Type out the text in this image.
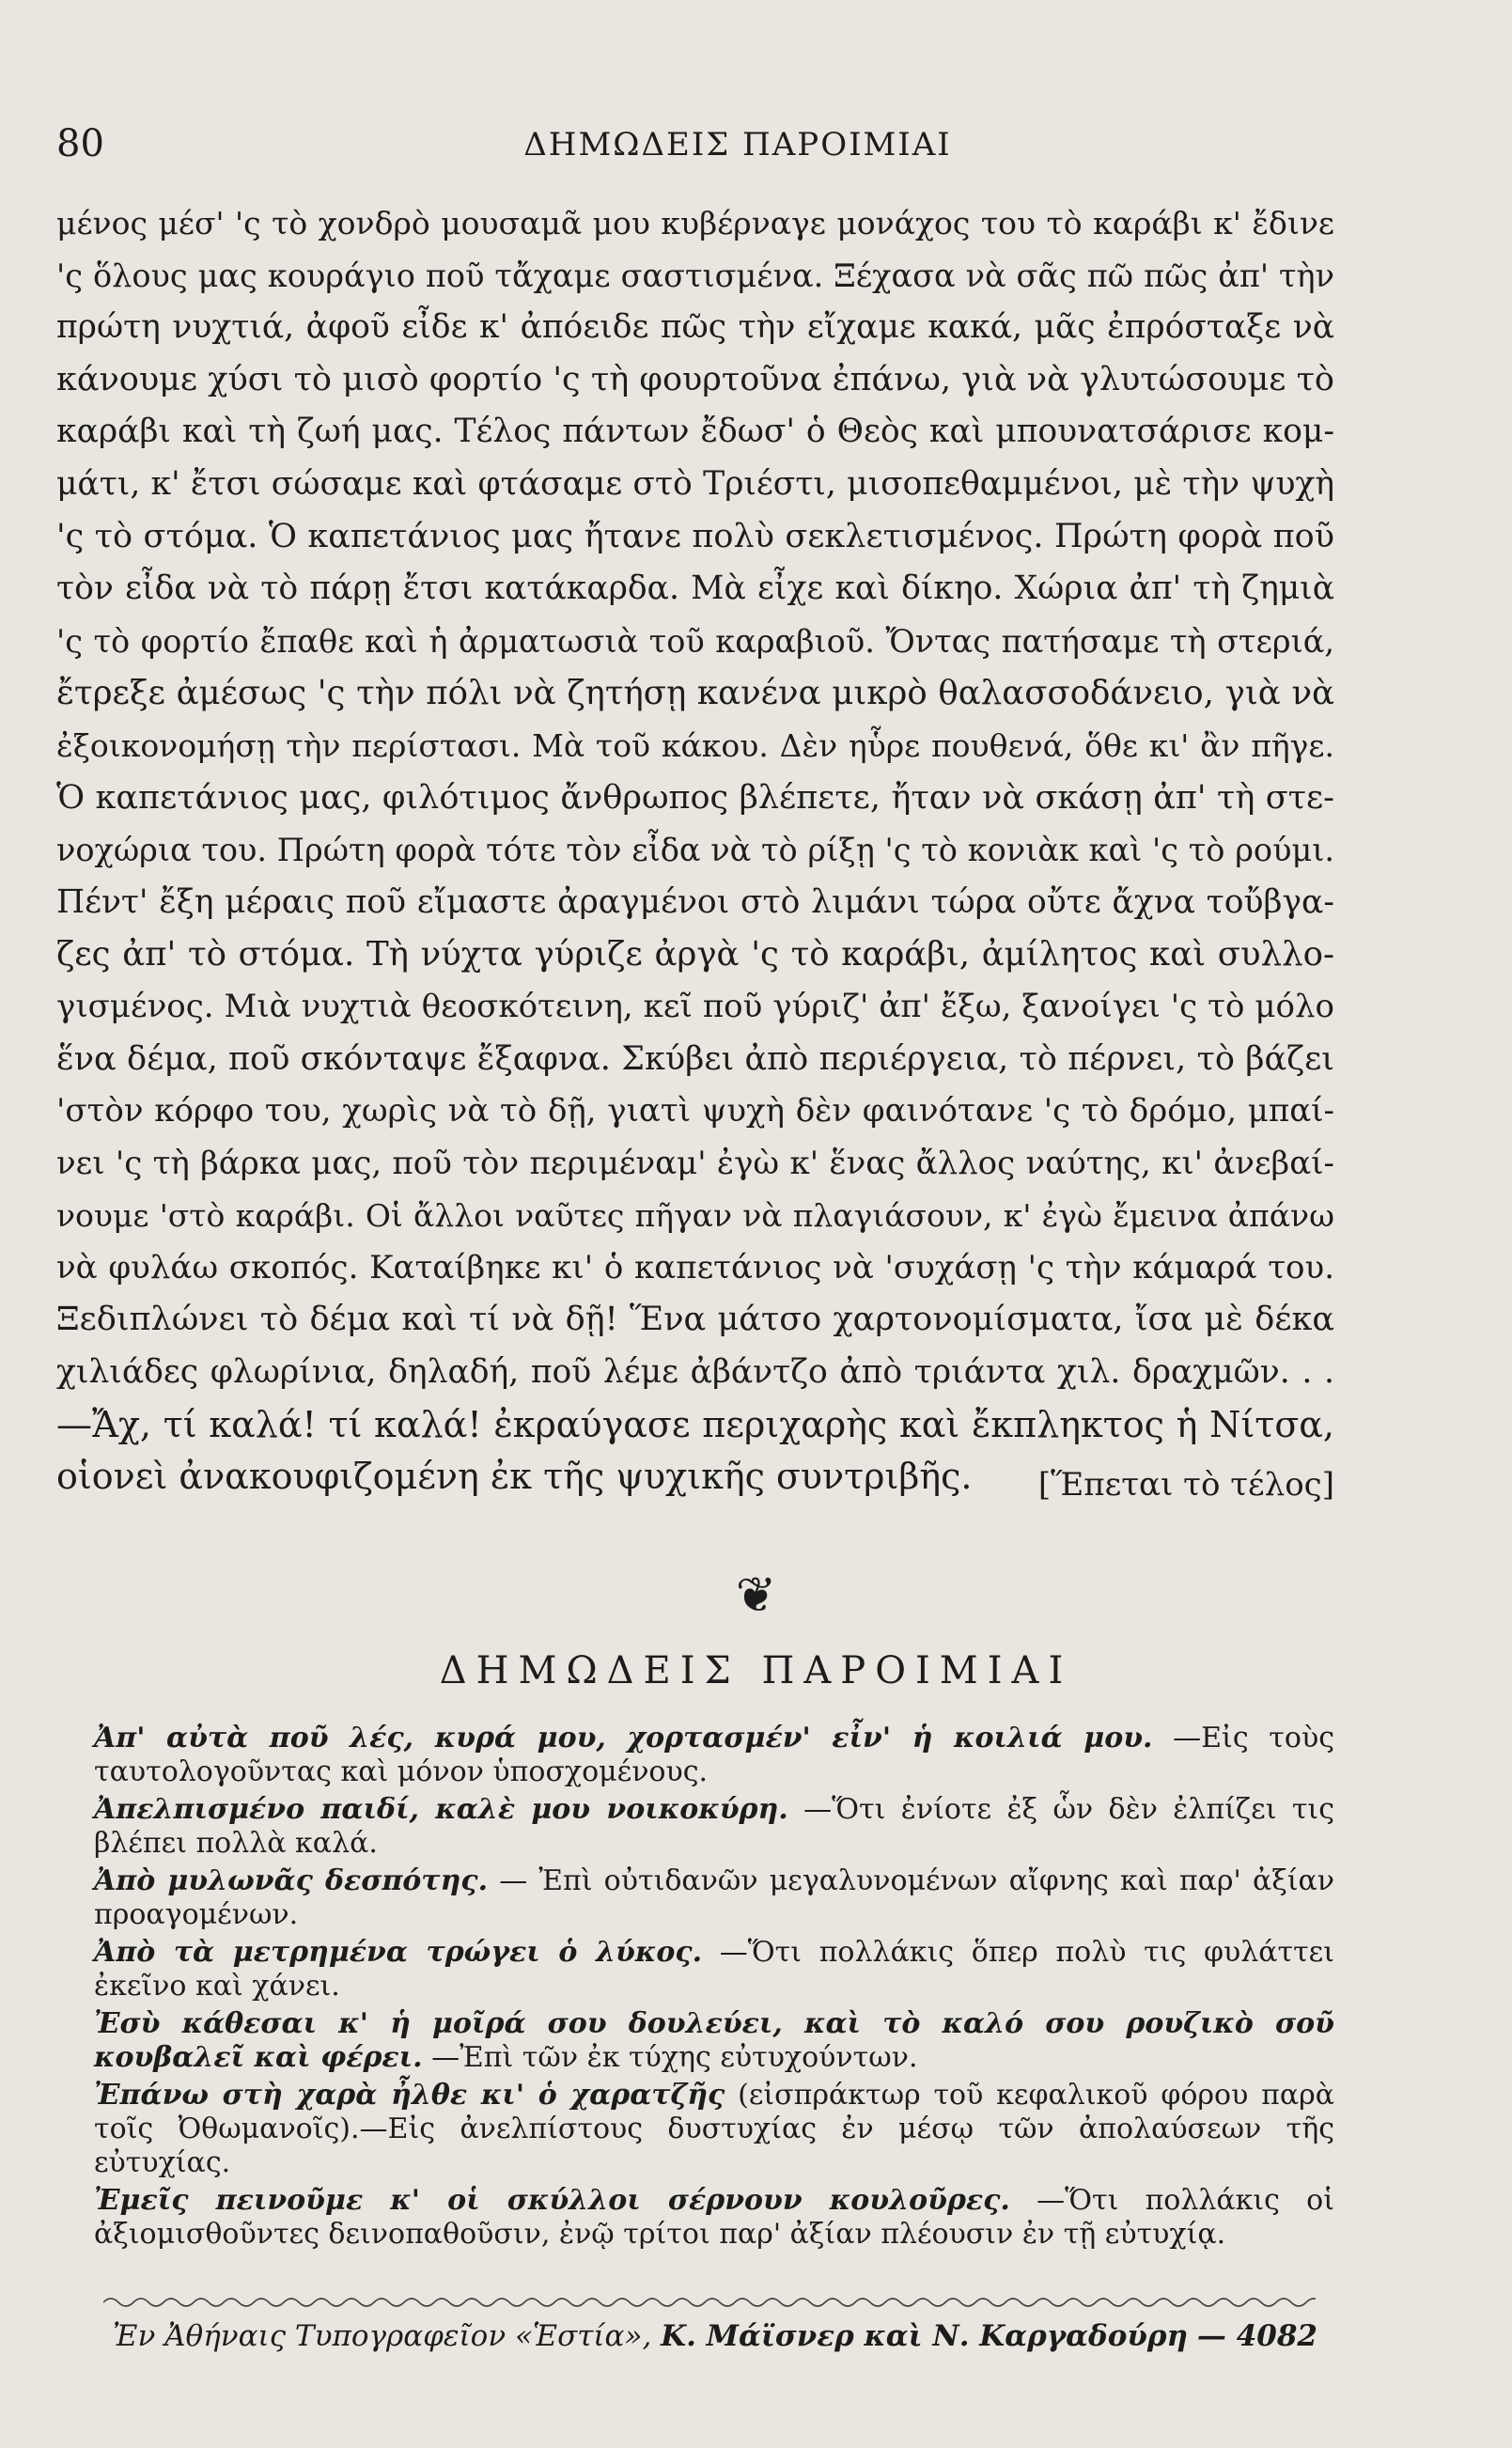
80	ΔΗΜΩΔΕΙΣ ΠΑΡΟΙΜΙΑΙ
μένος μέσ' 'ς τὸ χονδρὸ μουσαμᾶ μου κυβέρναγε μονάχος του τὸ καράβι κ' ἔδινε
'ς ὅλους μας κουράγιο ποῦ τἄχαμε σαστισμένα. Ξέχασα νὰ σᾶς πῶ πῶς ἀπ' τὴν
πρώτη νυχτιά, ἀφοῦ εἶδε κ' ἀπόειδε πῶς τὴν εἴχαμε κακά, μᾶς ἐπρόσταξε νὰ
κάνουμε χύσι τὸ μισὸ φορτίο 'ς τὴ φουρτοῦνα ἐπάνω, γιὰ νὰ γλυτώσουμε τὸ
καράβι καὶ τὴ ζωή μας. Τέλος πάντων ἔδωσ' ὁ Θεὸς καὶ μπουνατσάρισε κομ-
μάτι, κ' ἔτσι σώσαμε καὶ φτάσαμε στὸ Τριέστι, μισοπεθαμμένοι, μὲ τὴν ψυχὴ
'ς τὸ στόμα. Ὁ καπετάνιος μας ἤτανε πολὺ σεκλετισμένος. Πρώτη φορὰ ποῦ
τὸν εἶδα νὰ τὸ πάρῃ ἔτσι κατάκαρδα. Μὰ εἶχε καὶ δίκηο. Χώρια ἀπ' τὴ ζημιὰ
'ς τὸ φορτίο ἔπαθε καὶ ἡ ἀρματωσιὰ τοῦ καραβιοῦ. Ὄντας πατήσαμε τὴ στεριά,
ἔτρεξε ἀμέσως 'ς τὴν πόλι νὰ ζητήσῃ κανένα μικρὸ θαλασσοδάνειο, γιὰ νὰ
ἐξοικονομήσῃ τὴν περίστασι. Μὰ τοῦ κάκου. Δὲν ηὗρε πουθενά, ὅθε κι' ἂν πῆγε.
Ὁ καπετάνιος μας, φιλότιμος ἄνθρωπος βλέπετε, ἤταν νὰ σκάσῃ ἀπ' τὴ στε-
νοχώρια του. Πρώτη φορὰ τότε τὸν εἶδα νὰ τὸ ρίξῃ 'ς τὸ κονιὰκ καὶ 'ς τὸ ρούμι.
Πέντ' ἔξη μέραις ποῦ εἴμαστε ἀραγμένοι στὸ λιμάνι τώρα οὔτε ἄχνα τοὔβγα-
ζες ἀπ' τὸ στόμα. Τὴ νύχτα γύριζε ἀργὰ 'ς τὸ καράβι, ἀμίλητος καὶ συλλο-
γισμένος. Μιὰ νυχτιὰ θεοσκότεινη, κεῖ ποῦ γύριζ' ἀπ' ἔξω, ξανοίγει 'ς τὸ μόλο
ἕνα δέμα, ποῦ σκόνταψε ἔξαφνα. Σκύβει ἀπὸ περιέργεια, τὸ πέρνει, τὸ βάζει
'στὸν κόρφο του, χωρὶς νὰ τὸ δῇ, γιατὶ ψυχὴ δὲν φαινότανε 'ς τὸ δρόμο, μπαί-
νει 'ς τὴ βάρκα μας, ποῦ τὸν περιμέναμ' ἐγὼ κ' ἕνας ἄλλος ναύτης, κι' ἀνεβαί-
νουμε 'στὸ καράβι. Οἱ ἄλλοι ναῦτες πῆγαν νὰ πλαγιάσουν, κ' ἐγὼ ἔμεινα ἀπάνω
νὰ φυλάω σκοπός. Καταίβηκε κι' ὁ καπετάνιος νὰ 'συχάσῃ 'ς τὴν κάμαρά του.
Ξεδιπλώνει τὸ δέμα καὶ τί νὰ δῇ! Ἕνα μάτσο χαρτονομίσματα, ἴσα μὲ δέκα
χιλιάδες φλωρίνια, δηλαδή, ποῦ λέμε ἀβάντζο ἀπὸ τριάντα χιλ. δραχμῶν. . .
—Ἄχ, τί καλά! τί καλά! ἐκραύγασε περιχαρὴς καὶ ἔκπληκτος ἡ Νίτσα,
οἱονεὶ ἀνακουφιζομένη ἐκ τῆς ψυχικῆς συντριβῆς.	[Ἕπεται τὸ τέλος]
❦
ΔΗΜΩΔΕΙΣ ΠΑΡΟΙΜΙΑΙ
Ἀπ' αὐτὰ ποῦ λές, κυρά μου, χορτασμέν' εἶν' ἡ κοιλιά μου. —Εἰς τοὺς ταυτολογοῦντας καὶ μόνον ὑποσχομένους.
Ἀπελπισμένο παιδί, καλὲ μου νοικοκύρη. —Ὅτι ἐνίοτε ἐξ ὧν δὲν ἐλπίζει τις βλέπει πολλὰ καλά.
Ἀπὸ μυλωνᾶς δεσπότης. — Ἐπὶ οὐτιδανῶν μεγαλυνομένων αἴφνης καὶ παρ' ἀξίαν προαγομένων.
Ἀπὸ τὰ μετρημένα τρώγει ὁ λύκος. —Ὅτι πολλάκις ὅπερ πολὺ τις φυλάττει ἐκεῖνο καὶ χάνει.
Ἐσὺ κάθεσαι κ' ἡ μοῖρά σου δουλεύει, καὶ τὸ καλό σου ρουζικὸ σοῦ κουβαλεῖ καὶ φέρει. —Ἐπὶ τῶν ἐκ τύχης εὐτυχούντων.
Ἐπάνω στὴ χαρὰ ἦλθε κι' ὁ χαρατζῆς (εἰσπράκτωρ τοῦ κεφαλικοῦ φόρου παρὰ τοῖς Ὀθωμανοῖς).—Εἰς ἀνελπίστους δυστυχίας ἐν μέσῳ τῶν ἀπολαύσεων τῆς εὐτυχίας.
Ἐμεῖς πεινοῦμε κ' οἱ σκύλλοι σέρνουν κουλοῦρες. —Ὅτι πολλάκις οἱ ἀξιομισθοῦντες δεινοπαθοῦσιν, ἐνῷ τρίτοι παρ' ἀξίαν πλέουσιν ἐν τῇ εὐτυχίᾳ.
Ἐν Ἀθήναις Τυπογραφεῖον «Ἑστία», Κ. Μάϊσνερ καὶ Ν. Καργαδούρη — 4082
